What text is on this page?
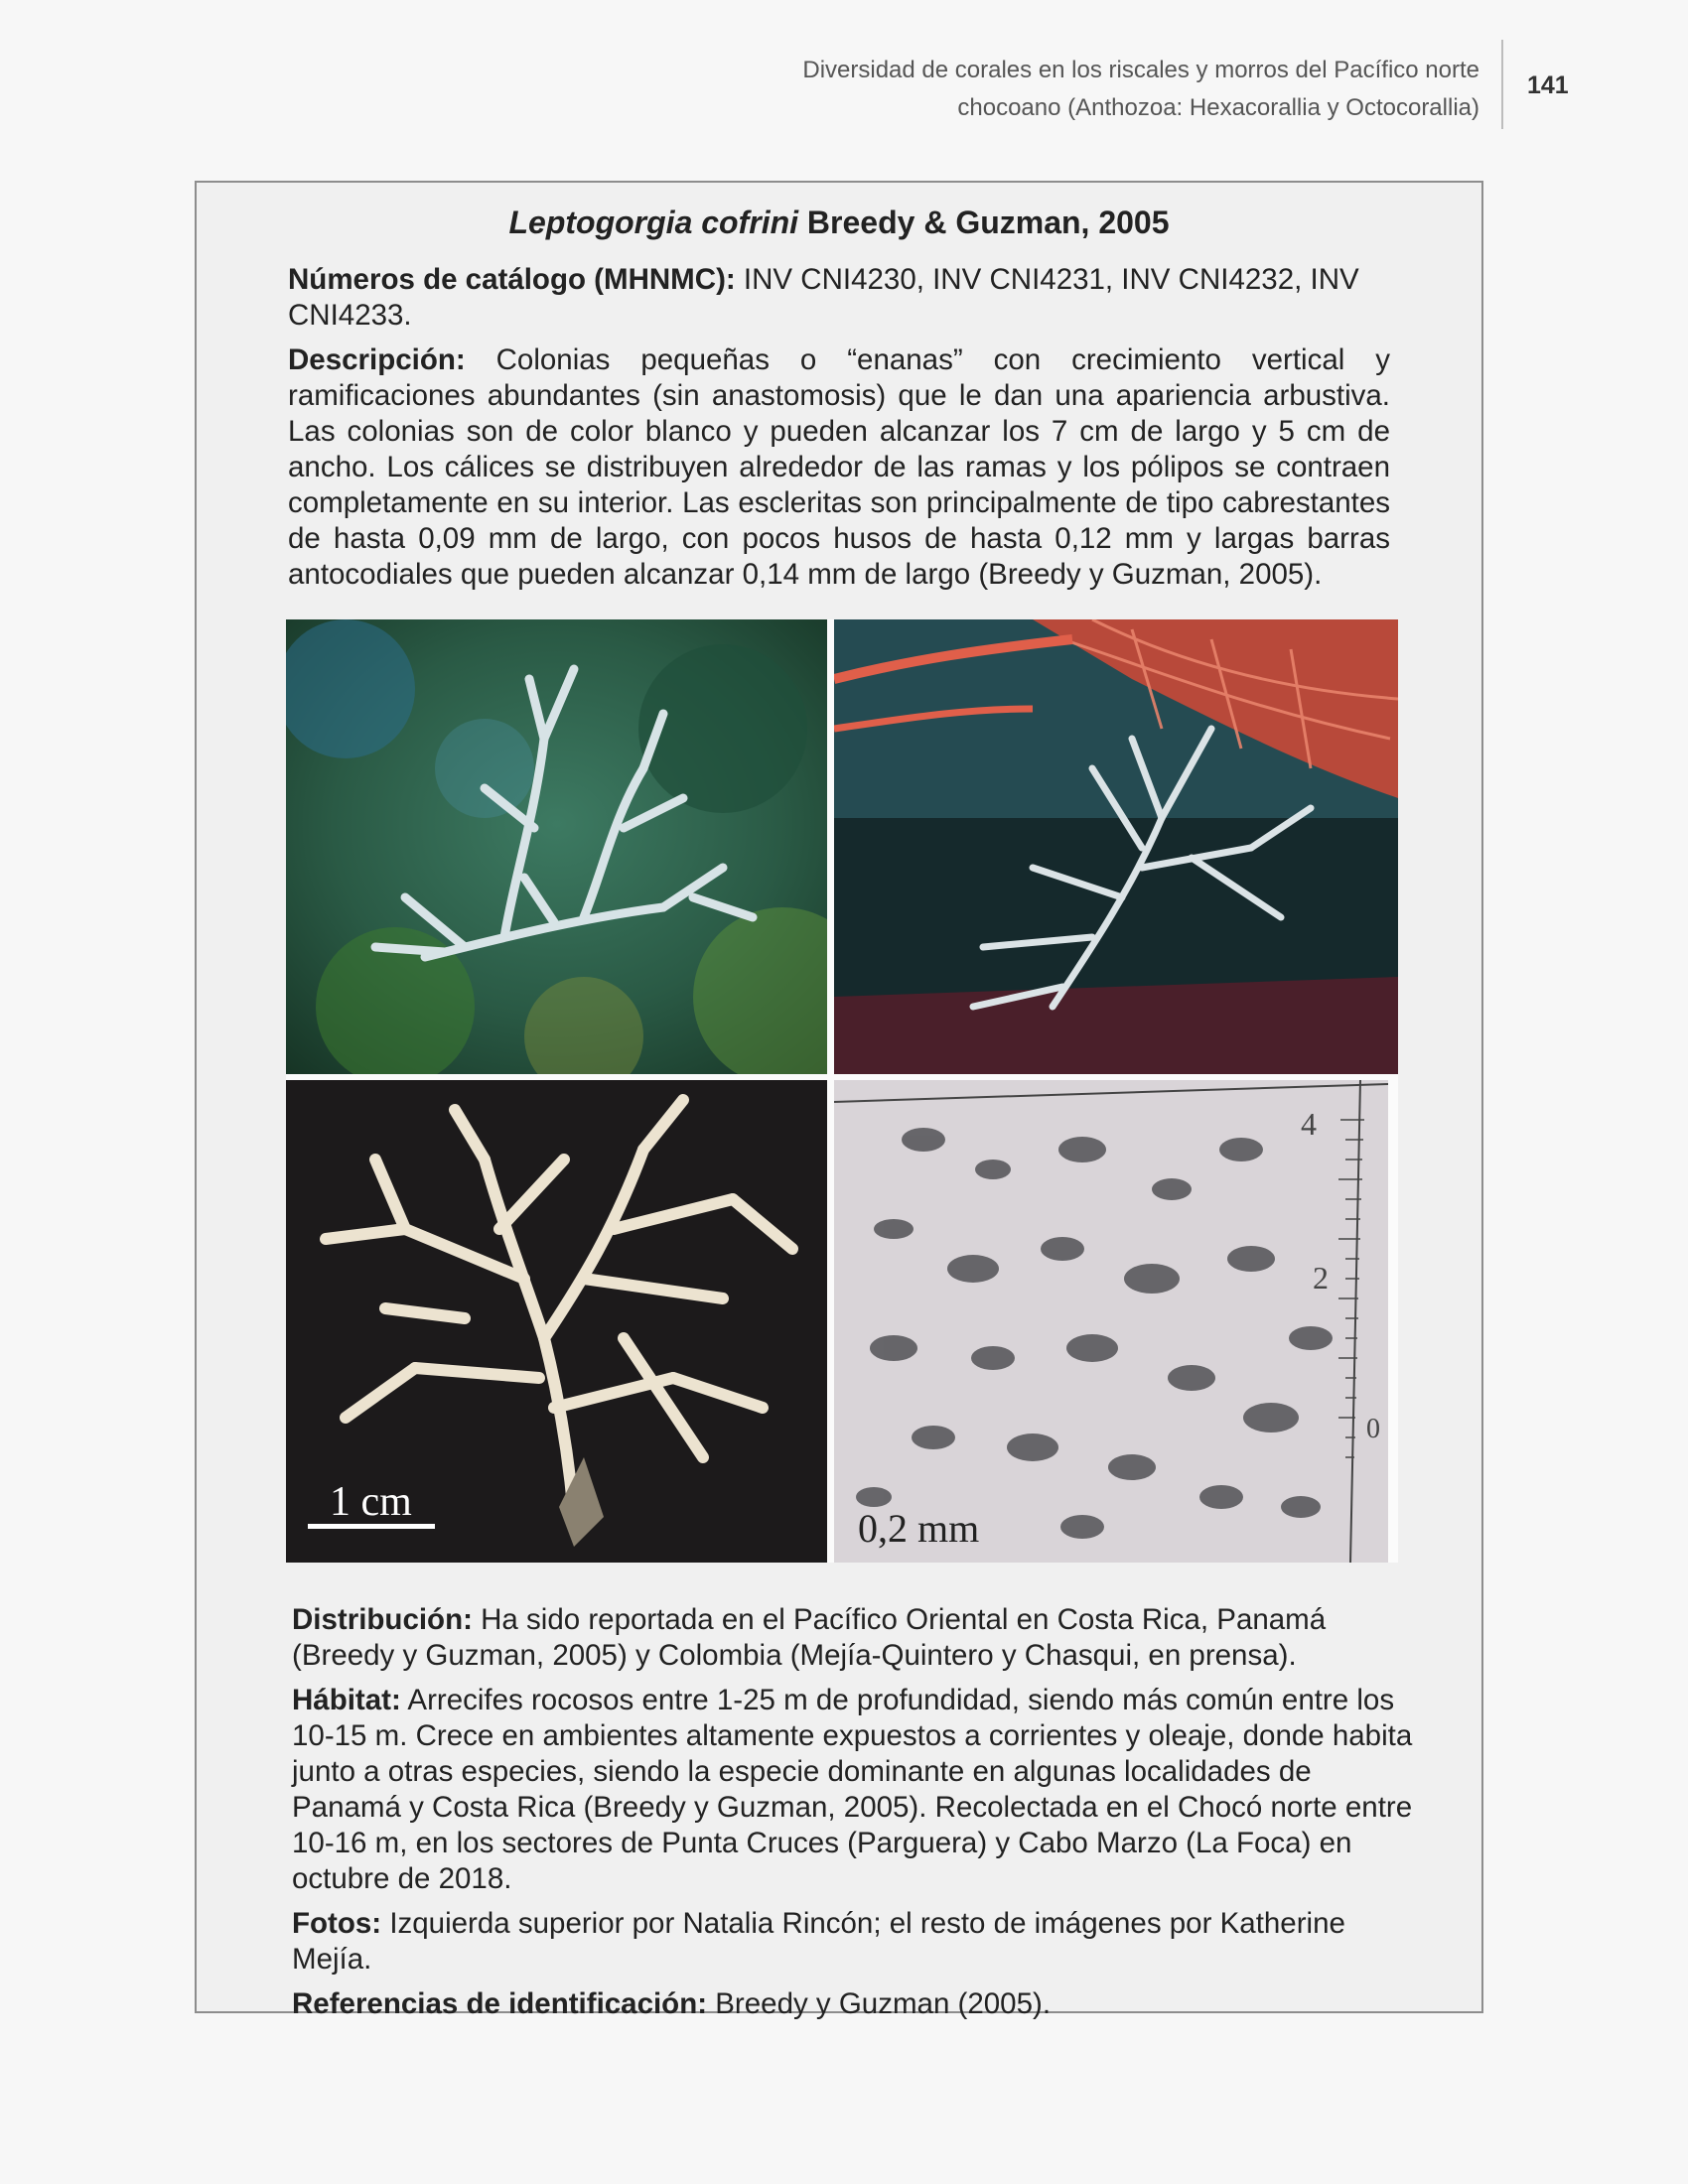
Diversidad de corales en los riscales y morros del Pacífico norte
chocoano (Anthozoa: Hexacorallia y Octocorallia)
141
Leptogorgia cofrini Breedy & Guzman, 2005

Números de catálogo (MHNMC): INV CNI4230, INV CNI4231, INV CNI4232, INV CNI4233.

Descripción: Colonias pequeñas o “enanas” con crecimiento vertical y ramificaciones abundantes (sin anastomosis) que le dan una apariencia arbustiva. Las colonias son de color blanco y pueden alcanzar los 7 cm de largo y 5 cm de ancho. Los cálices se distribuyen alrededor de las ramas y los pólipos se contraen completamente en su interior. Las escleritas son principalmente de tipo cabrestantes de hasta 0,09 mm de largo, con pocos husos de hasta 0,12 mm y largas barras antocodiales que pueden alcanzar 0,14 mm de largo (Breedy y Guzman, 2005).

1 cm
4
2
0
0,2 mm

Distribución: Ha sido reportada en el Pacífico Oriental en Costa Rica, Panamá (Breedy y Guzman, 2005) y Colombia (Mejía-Quintero y Chasqui, en prensa).

Hábitat: Arrecifes rocosos entre 1-25 m de profundidad, siendo más común entre los 10-15 m. Crece en ambientes altamente expuestos a corrientes y oleaje, donde habita junto a otras especies, siendo la especie dominante en algunas localidades de Panamá y Costa Rica (Breedy y Guzman, 2005). Recolectada en el Chocó norte entre 10-16 m, en los sectores de Punta Cruces (Parguera) y Cabo Marzo (La Foca) en octubre de 2018.

Fotos: Izquierda superior por Natalia Rincón; el resto de imágenes por Katherine Mejía.

Referencias de identificación: Breedy y Guzman (2005).
